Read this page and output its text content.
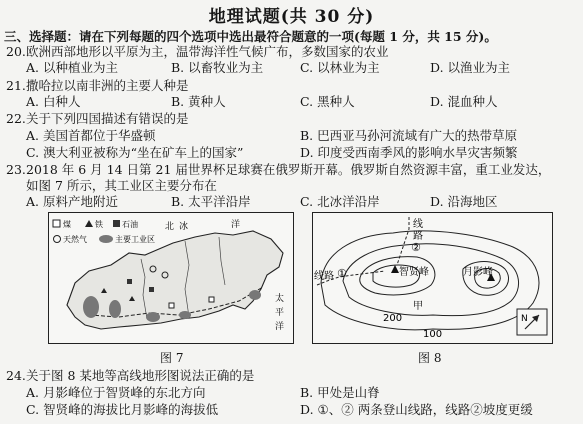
地理试题(共 30 分)
三、选择题：请在下列每题的四个选项中选出最符合题意的一项(每题 1 分，共 15 分)。
20.欧洲西部地形以平原为主，温带海洋性气候广布，多数国家的农业
A. 以种植业为主	B. 以畜牧业为主	C. 以林业为主	D. 以渔业为主
21.撒哈拉以南非洲的主要人种是
A. 白种人	B. 黄种人	C. 黑种人	D. 混血种人
22.关于下列四国描述有错误的是
A. 美国首都位于华盛顿	B. 巴西亚马孙河流域有广大的热带草原
C. 澳大利亚被称为“坐在矿车上的国家”	D. 印度受西南季风的影响水旱灾害频繁
23.2018 年 6 月 14 日第 21 届世界杯足球赛在俄罗斯开幕。俄罗斯自然资源丰富，重工业发达，
如图 7 所示，其工业区主要分布在
A. 原料产地附近	B. 太平洋沿岸	C. 北冰洋沿岸	D. 沿海地区
煤	铁 石油
天然气	主要工业区
北 冰	洋
太
平
洋
图 7
线路 ①
线
路
②
智贤峰	月影峰
甲
100
200	N
图 8
24.关于图 8 某地等高线地形图说法正确的是
A. 月影峰位于智贤峰的东北方向	B. 甲处是山脊
C. 智贤峰的海拔比月影峰的海拔低	D. ①、② 两条登山线路，线路②坡度更缓
